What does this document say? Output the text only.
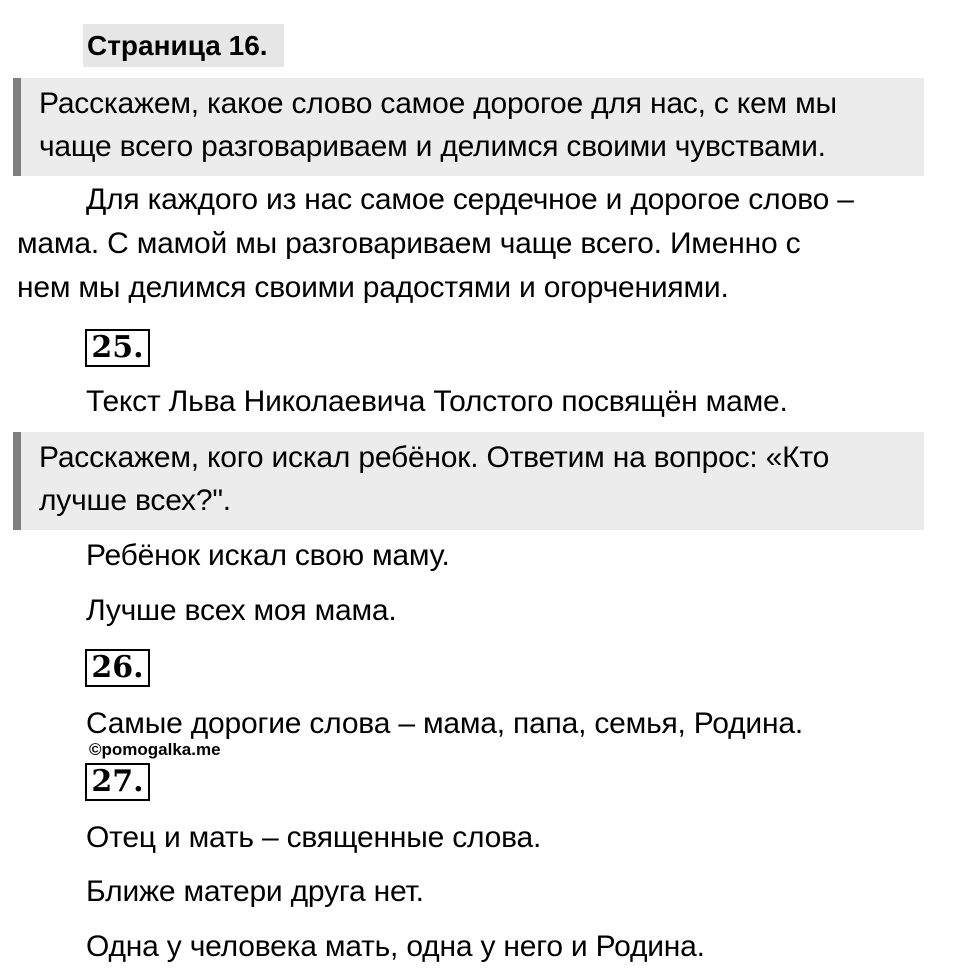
Страница 16.
Расскажем, какое слово самое дорогое для нас, с кем мы
чаще всего разговариваем и делимся своими чувствами.
Для каждого из нас самое сердечное и дорогое слово –
мама. С мамой мы разговариваем чаще всего. Именно с
нем мы делимся своими радостями и огорчениями.
25.
Текст Льва Николаевича Толстого посвящён маме.
Расскажем, кого искал ребёнок. Ответим на вопрос: «Кто
лучше всех?".
Ребёнок искал свою маму.
Лучше всех моя мама.
26.
Самые дорогие слова – мама, папа, семья, Родина.
©pomogalka.me
27.
Отец и мать – священные слова.
Ближе матери друга нет.
Одна у человека мать, одна у него и Родина.
